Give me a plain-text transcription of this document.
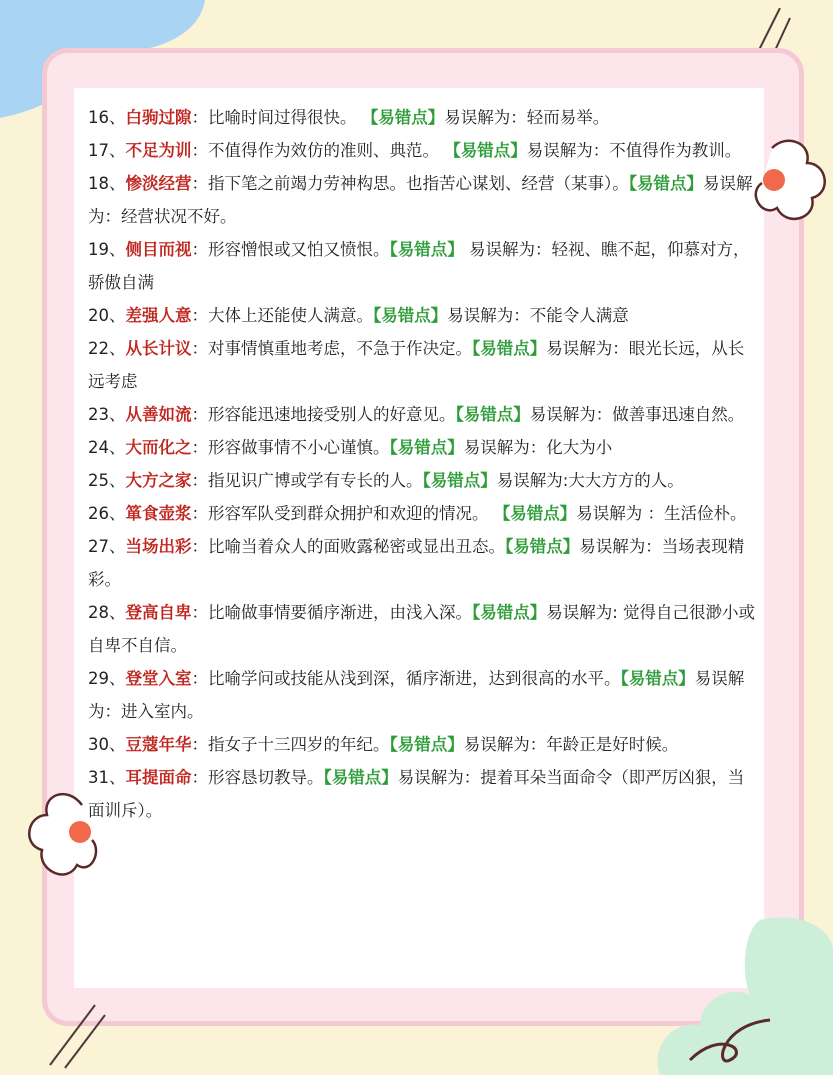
16、白驹过隙：比喻时间过得很快。 【易错点】易误解为：轻而易举。

17、不足为训：不值得作为效仿的准则、典范。 【易错点】易误解为：不值得作为教训。

18、惨淡经营：指下笔之前竭力劳神构思。也指苦心谋划、经营（某事）。【易错点】易误解为：经营状况不好。

19、侧目而视：形容憎恨或又怕又愤恨。【易错点】 易误解为：轻视、瞧不起，仰慕对方，骄傲自满

20、差强人意：大体上还能使人满意。【易错点】易误解为：不能令人满意

22、从长计议：对事情慎重地考虑，不急于作决定。【易错点】易误解为：眼光长远，从长远考虑

23、从善如流：形容能迅速地接受别人的好意见。【易错点】易误解为：做善事迅速自然。

24、大而化之：形容做事情不小心谨慎。【易错点】易误解为：化大为小

25、大方之家：指见识广博或学有专长的人。【易错点】易误解为:大大方方的人。

26、箪食壶浆：形容军队受到群众拥护和欢迎的情况。 【易错点】易误解为 ：生活俭朴。

27、当场出彩：比喻当着众人的面败露秘密或显出丑态。【易错点】易误解为：当场表现精彩。

28、登高自卑：比喻做事情要循序渐进，由浅入深。【易错点】易误解为: 觉得自己很渺小或自卑不自信。

29、登堂入室：比喻学问或技能从浅到深，循序渐进，达到很高的水平。【易错点】易误解为：进入室内。

30、豆蔻年华：指女子十三四岁的年纪。【易错点】易误解为：年龄正是好时候。

31、耳提面命：形容恳切教导。【易错点】易误解为：提着耳朵当面命令（即严厉凶狠，当面训斥）。
